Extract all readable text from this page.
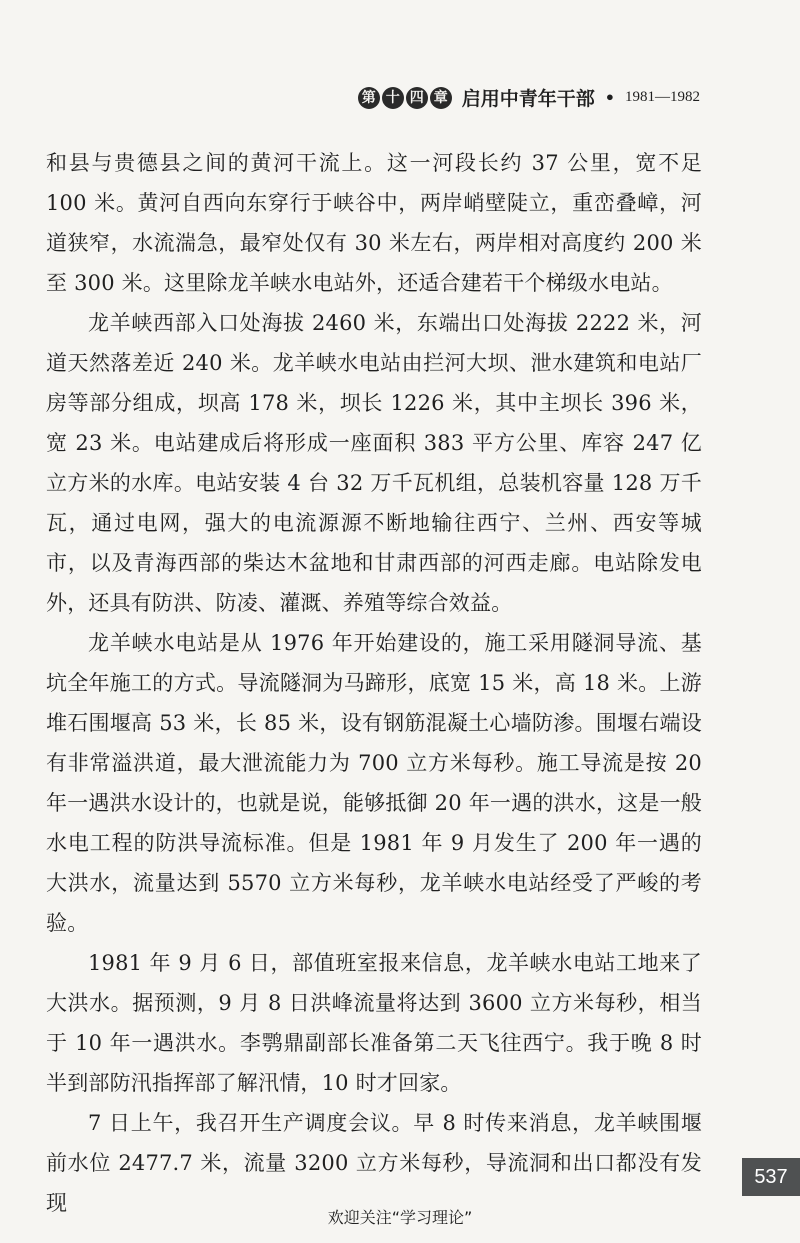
第 十 四 章 启用中青年干部 • 1981—1982

和县与贵德县之间的黄河干流上。这一河段长约 37 公里，宽不足 100 米。黄河自西向东穿行于峡谷中，两岸峭壁陡立，重峦叠嶂，河道狭窄，水流湍急，最窄处仅有 30 米左右，两岸相对高度约 200 米至 300 米。这里除龙羊峡水电站外，还适合建若干个梯级水电站。

龙羊峡西部入口处海拔 2460 米，东端出口处海拔 2222 米，河道天然落差近 240 米。龙羊峡水电站由拦河大坝、泄水建筑和电站厂房等部分组成，坝高 178 米，坝长 1226 米，其中主坝长 396 米，宽 23 米。电站建成后将形成一座面积 383 平方公里、库容 247 亿立方米的水库。电站安装 4 台 32 万千瓦机组，总装机容量 128 万千瓦，通过电网，强大的电流源源不断地输往西宁、兰州、西安等城市，以及青海西部的柴达木盆地和甘肃西部的河西走廊。电站除发电外，还具有防洪、防凌、灌溉、养殖等综合效益。

龙羊峡水电站是从 1976 年开始建设的，施工采用隧洞导流、基坑全年施工的方式。导流隧洞为马蹄形，底宽 15 米，高 18 米。上游堆石围堰高 53 米，长 85 米，设有钢筋混凝土心墙防渗。围堰右端设有非常溢洪道，最大泄流能力为 700 立方米每秒。施工导流是按 20 年一遇洪水设计的，也就是说，能够抵御 20 年一遇的洪水，这是一般水电工程的防洪导流标准。但是 1981 年 9 月发生了 200 年一遇的大洪水，流量达到 5570 立方米每秒，龙羊峡水电站经受了严峻的考验。

1981 年 9 月 6 日，部值班室报来信息，龙羊峡水电站工地来了大洪水。据预测，9 月 8 日洪峰流量将达到 3600 立方米每秒，相当于 10 年一遇洪水。李鹗鼎副部长准备第二天飞往西宁。我于晚 8 时半到部防汛指挥部了解汛情，10 时才回家。

7 日上午，我召开生产调度会议。早 8 时传来消息，龙羊峡围堰前水位 2477.7 米，流量 3200 立方米每秒，导流洞和出口都没有发现

537
欢迎关注“学习理论”
